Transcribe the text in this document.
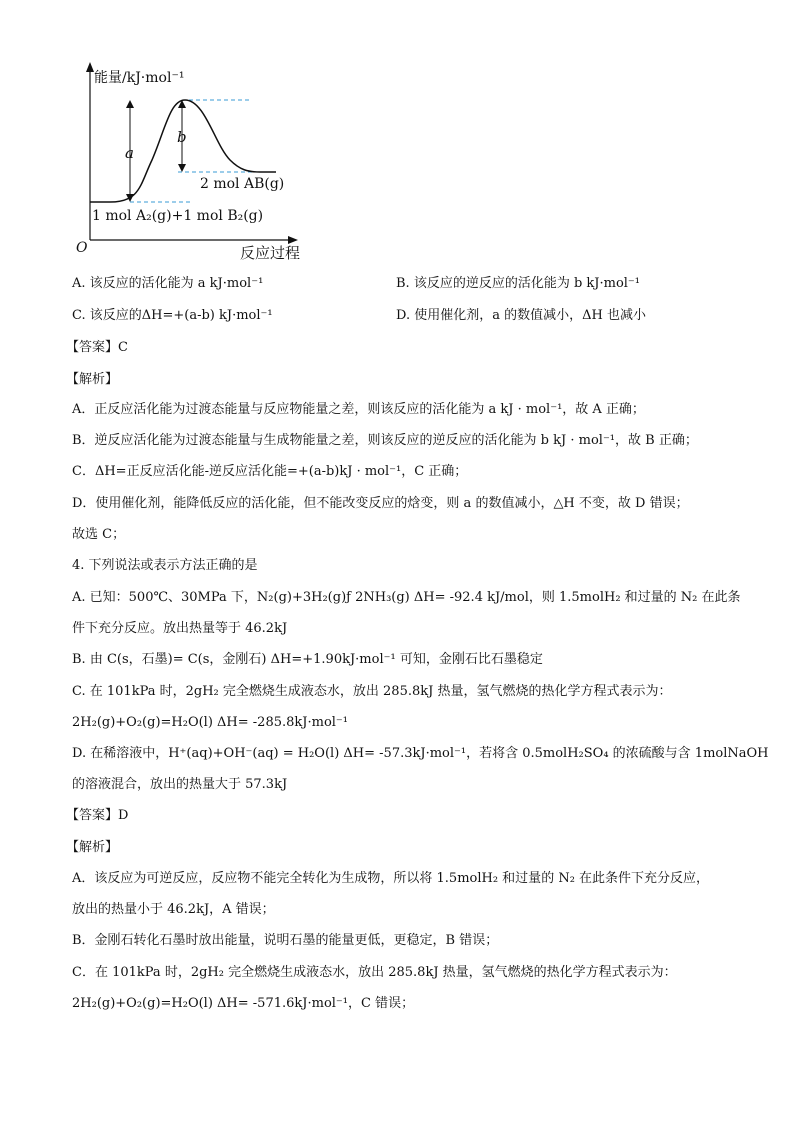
a
b
能量/kJ·mol⁻¹
2 mol AB(g)
1 mol A₂(g)+1 mol B₂(g)
O	反应过程
A. 该反应的活化能为 a kJ·mol⁻¹	B. 该反应的逆反应的活化能为 b kJ·mol⁻¹
C. 该反应的ΔH=+(a-b) kJ·mol⁻¹	D. 使用催化剂，a 的数值减小，ΔH 也减小
【答案】C
【解析】
A．正反应活化能为过渡态能量与反应物能量之差，则该反应的活化能为 a kJ · mol⁻¹，故 A 正确；
B．逆反应活化能为过渡态能量与生成物能量之差，则该反应的逆反应的活化能为 b kJ · mol⁻¹，故 B 正确；
C．ΔH=正反应活化能-逆反应活化能=+(a-b)kJ · mol⁻¹，C 正确；
D．使用催化剂，能降低反应的活化能，但不能改变反应的焓变，则 a 的数值减小，△H 不变，故 D 错误；
故选 C；
4. 下列说法或表示方法正确的是
A. 已知：500℃、30MPa 下，N₂(g)+3H₂(g)ƒ 2NH₃(g) ΔH= -92.4 kJ/mol，则 1.5molH₂ 和过量的 N₂ 在此条
件下充分反应。放出热量等于 46.2kJ
B. 由 C(s，石墨)= C(s，金刚石) ΔH=+1.90kJ·mol⁻¹ 可知，金刚石比石墨稳定
C. 在 101kPa 时，2gH₂ 完全燃烧生成液态水，放出 285.8kJ 热量，氢气燃烧的热化学方程式表示为：
2H₂(g)+O₂(g)=H₂O(l) ΔH= -285.8kJ·mol⁻¹
D. 在稀溶液中，H⁺(aq)+OH⁻(aq) = H₂O(l) ΔH= -57.3kJ·mol⁻¹，若将含 0.5molH₂SO₄ 的浓硫酸与含 1molNaOH
的溶液混合，放出的热量大于 57.3kJ
【答案】D
【解析】
A．该反应为可逆反应，反应物不能完全转化为生成物，所以将 1.5molH₂ 和过量的 N₂ 在此条件下充分反应，
放出的热量小于 46.2kJ，A 错误；
B．金刚石转化石墨时放出能量，说明石墨的能量更低，更稳定，B 错误；
C．在 101kPa 时，2gH₂ 完全燃烧生成液态水，放出 285.8kJ 热量，氢气燃烧的热化学方程式表示为：
2H₂(g)+O₂(g)=H₂O(l) ΔH= -571.6kJ·mol⁻¹，C 错误；
